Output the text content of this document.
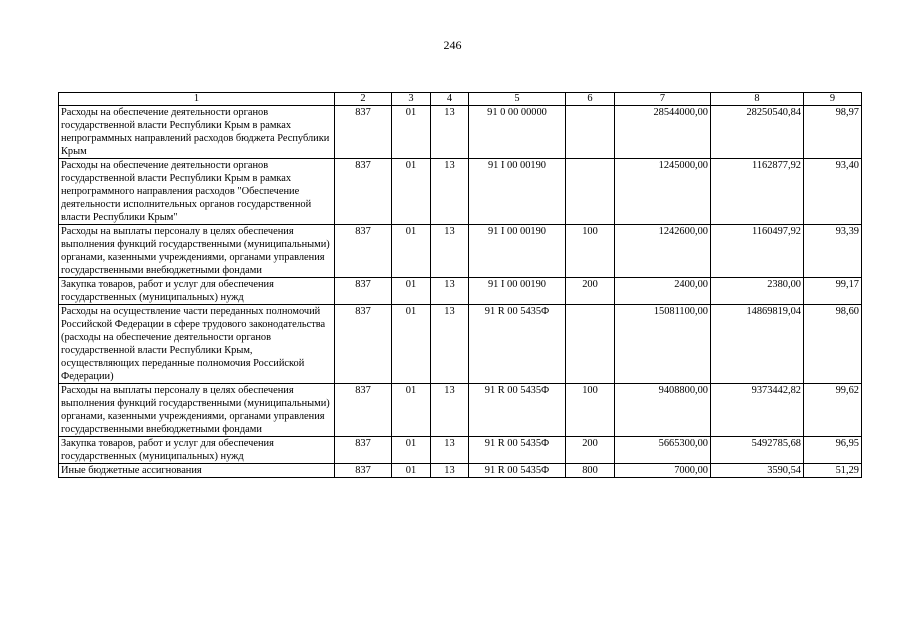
246
1	2	3	4	5	6	7	8	9
Расходы на обеспечение деятельности органов государственной власти Республики Крым в рамках непрограммных направлений расходов бюджета Республики Крым	837	01	13	91 0 00 00000		28544000,00	28250540,84	98,97
Расходы на обеспечение деятельности органов государственной власти Республики Крым в рамках непрограммного направления расходов "Обеспечение деятельности исполнительных органов государственной власти Республики Крым"	837	01	13	91 I 00 00190		1245000,00	1162877,92	93,40
Расходы на выплаты персоналу в целях обеспечения выполнения функций государственными (муниципальными) органами, казенными учреждениями, органами управления государственными внебюджетными фондами	837	01	13	91 I 00 00190	100	1242600,00	1160497,92	93,39
Закупка товаров, работ и услуг для обеспечения государственных (муниципальных) нужд	837	01	13	91 I 00 00190	200	2400,00	2380,00	99,17
Расходы на осуществление части переданных полномочий Российской Федерации в сфере трудового законодательства (расходы на обеспечение деятельности органов государственной власти Республики Крым, осуществляющих переданные полномочия Российской Федерации)	837	01	13	91 R 00 5435Ф		15081100,00	14869819,04	98,60
Расходы на выплаты персоналу в целях обеспечения выполнения функций государственными (муниципальными) органами, казенными учреждениями, органами управления государственными внебюджетными фондами	837	01	13	91 R 00 5435Ф	100	9408800,00	9373442,82	99,62
Закупка товаров, работ и услуг для обеспечения государственных (муниципальных) нужд	837	01	13	91 R 00 5435Ф	200	5665300,00	5492785,68	96,95
Иные бюджетные ассигнования	837	01	13	91 R 00 5435Ф	800	7000,00	3590,54	51,29
